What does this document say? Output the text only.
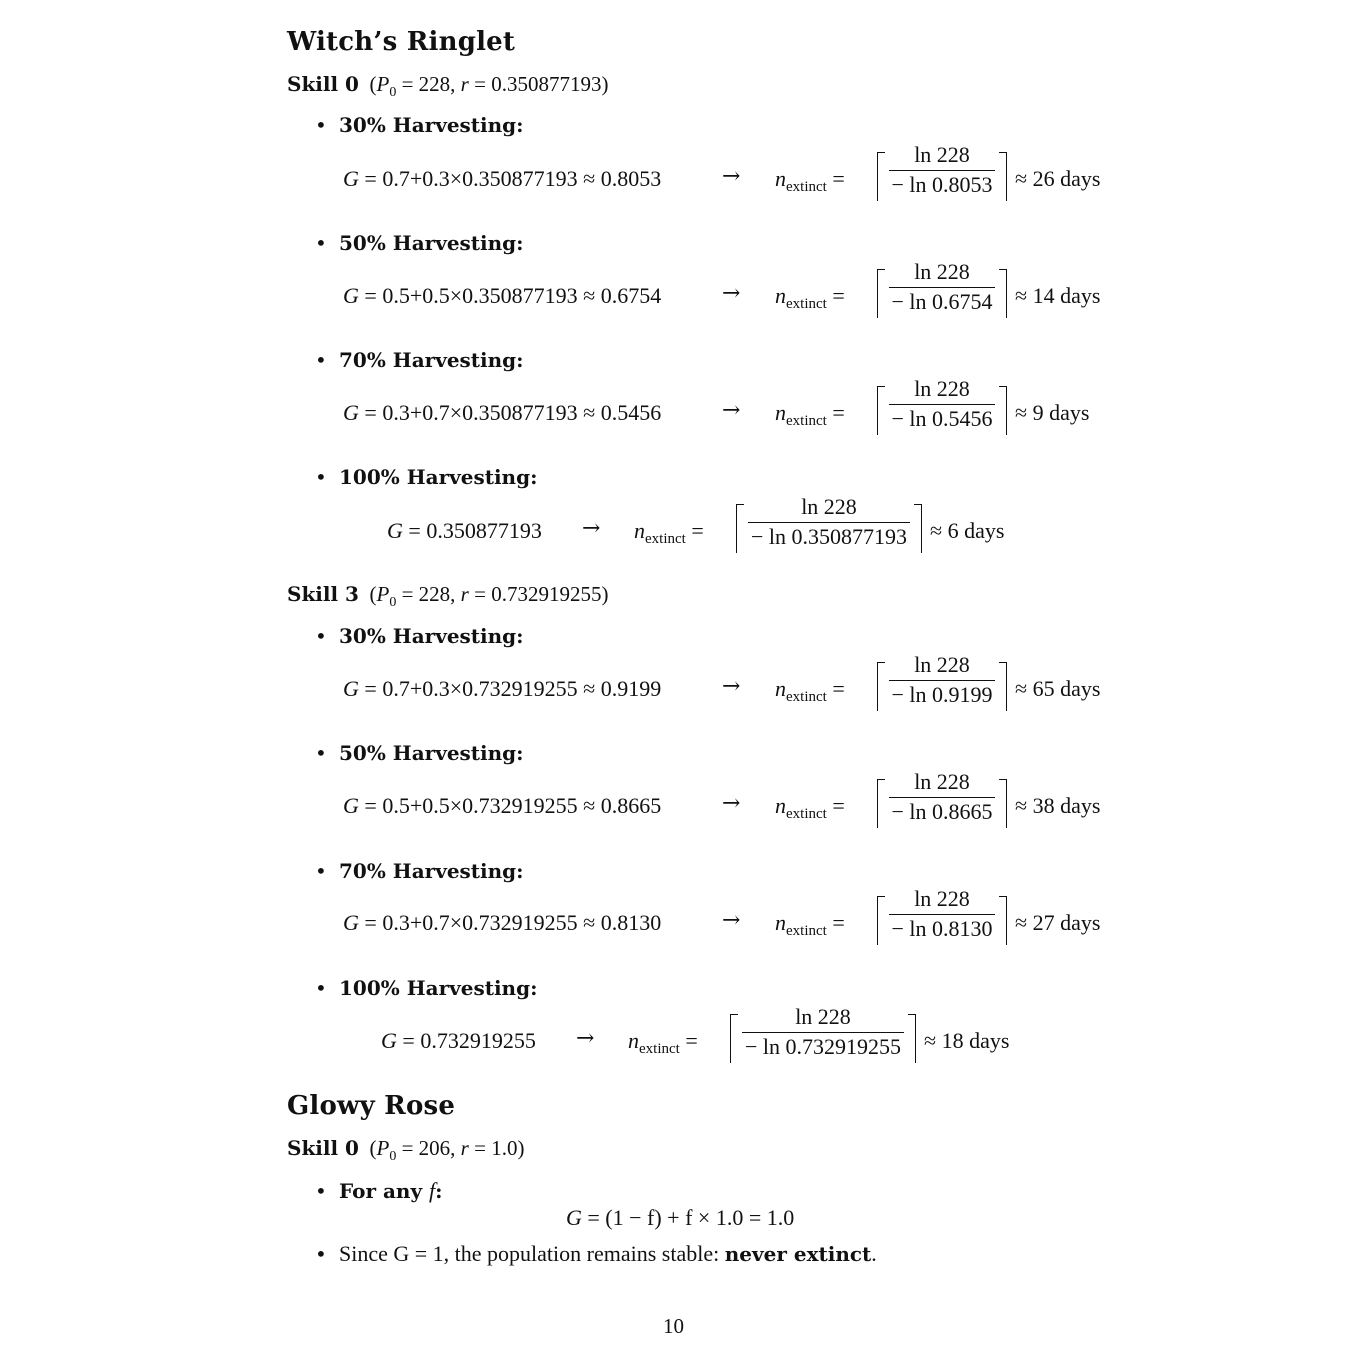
Witch’s Ringlet
Skill 0 ($P_0 = 228$, r = 0.350877193)
• 30% Harvesting:
G = 0.7+0.3×0.350877193 ≈ 0.8053	→ $n_{extinct}$ =
ln 228
− ln 0.8053 ≈ 26 days
• 50% Harvesting:
G = 0.5+0.5×0.350877193 ≈ 0.6754	→ $n_{extinct}$ =
ln 228
− ln 0.6754 ≈ 14 days
• 70% Harvesting:
G = 0.3+0.7×0.350877193 ≈ 0.5456	→ $n_{extinct}$ =
ln 228
− ln 0.5456 ≈ 9 days
• 100% Harvesting:
$G = 0.350877193 \to n_{extinct}$ =
ln 228
− ln 0.350877193 ≈ 6 days
Skill 3 ($P_0 = 228$, r = 0.732919255)
• 30% Harvesting:
G = 0.7+0.3×0.732919255 ≈ 0.9199	→ $n_{extinct}$ =
ln 228
− ln 0.9199 ≈ 65 days
• 50% Harvesting:
G = 0.5+0.5×0.732919255 ≈ 0.8665	→ $n_{extinct}$ =
ln 228
− ln 0.8665 ≈ 38 days
• 70% Harvesting:
G = 0.3+0.7×0.732919255 ≈ 0.8130	→ $n_{extinct}$ =
ln 228
− ln 0.8130 ≈ 27 days
• 100% Harvesting:
$G = 0.732919255 \to n_{extinct}$ =
ln 228
− ln 0.732919255 ≈ 18 days
Glowy Rose
Skill 0 ($P_0 = 206$, r = 1.0)
• For any f:
G = (1 − f) + f × 1.0 = 1.0
• Since G = 1, the population remains stable: never extinct.
10
